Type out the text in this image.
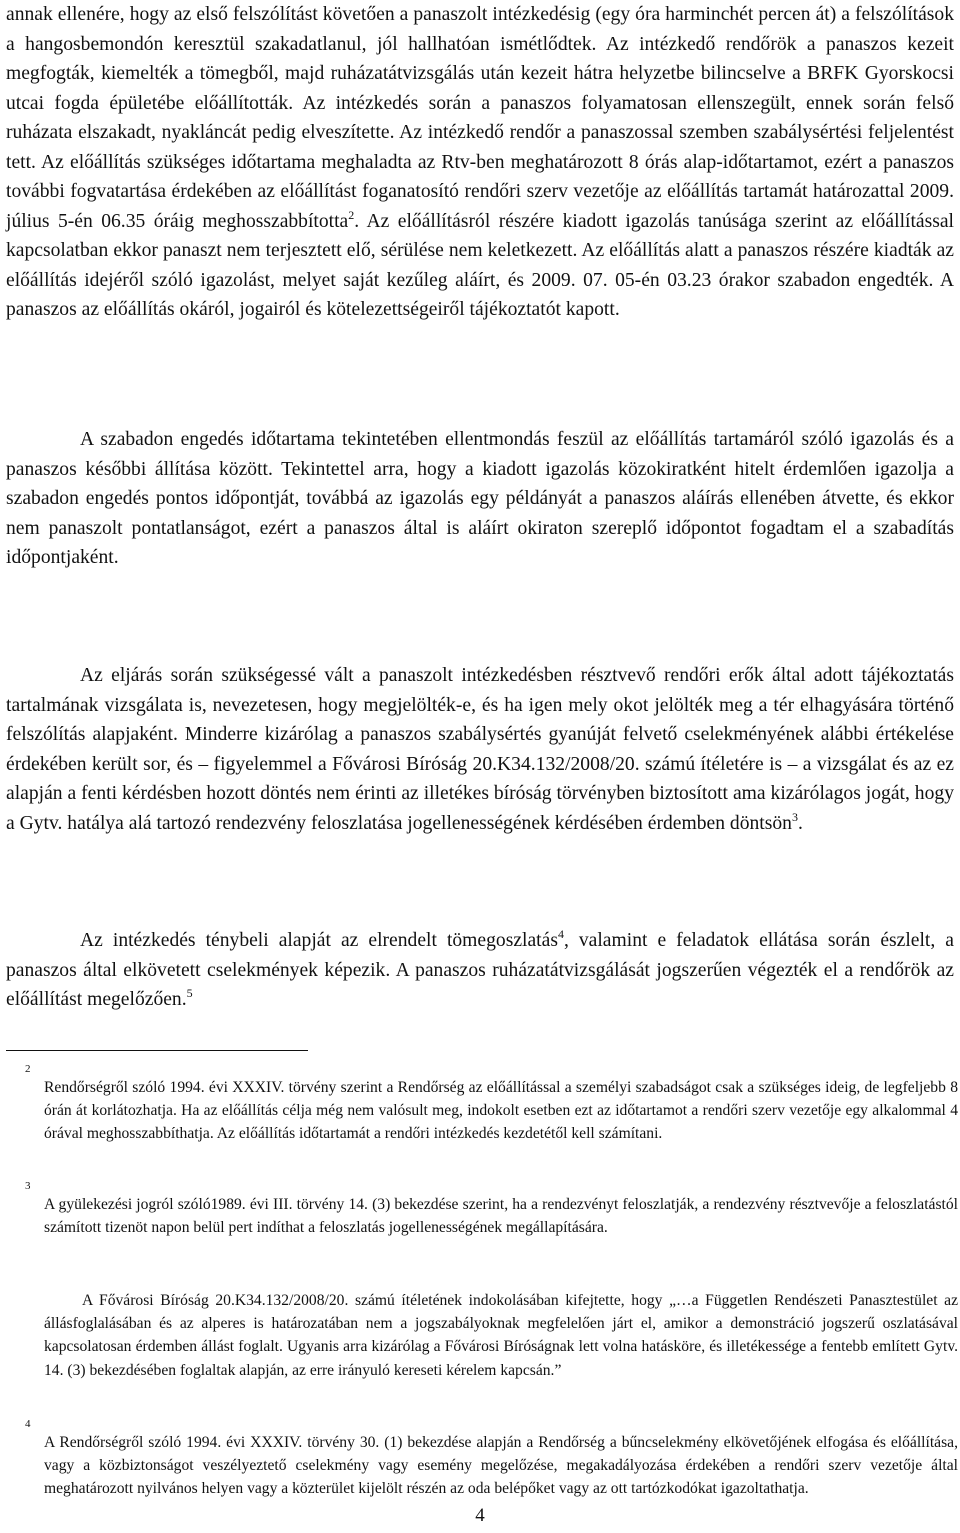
annak ellenére, hogy az első felszólítást követően a panaszolt intézkedésig (egy óra harminchét percen át) a felszólítások a hangosbemondón keresztül szakadatlanul, jól hallhatóan ismétlődtek. Az intézkedő rendőrök a panaszos kezeit megfogták, kiemelték a tömegből, majd ruházatátvizsgálás után kezeit hátra helyzetbe bilincselve a BRFK Gyorskocsi utcai fogda épületébe előállították. Az intézkedés során a panaszos folyamatosan ellenszegült, ennek során felső ruházata elszakadt, nyakláncát pedig elveszítette. Az intézkedő rendőr a panaszossal szemben szabálysértési feljelentést tett. Az előállítás szükséges időtartama meghaladta az Rtv-ben meghatározott 8 órás alap-időtartamot, ezért a panaszos további fogvatartása érdekében az előállítást foganatosító rendőri szerv vezetője az előállítás tartamát határozattal 2009. július 5-én 06.35 óráig meghosszabbította$^2$. Az előállításról részére kiadott igazolás tanúsága szerint az előállítással kapcsolatban ekkor panaszt nem terjesztett elő, sérülése nem keletkezett. Az előállítás alatt a panaszos részére kiadták az előállítás idejéről szóló igazolást, melyet saját kezűleg aláírt, és 2009. 07. 05-én 03.23 órakor szabadon engedték. A panaszos az előállítás okáról, jogairól és kötelezettségeiről tájékoztatót kapott.

A szabadon engedés időtartama tekintetében ellentmondás feszül az előállítás tartamáról szóló igazolás és a panaszos későbbi állítása között. Tekintettel arra, hogy a kiadott igazolás közokiratként hitelt érdemlően igazolja a szabadon engedés pontos időpontját, továbbá az igazolás egy példányát a panaszos aláírás ellenében átvette, és ekkor nem panaszolt pontatlanságot, ezért a panaszos által is aláírt okiraton szereplő időpontot fogadtam el a szabadítás időpontjaként.

Az eljárás során szükségessé vált a panaszolt intézkedésben résztvevő rendőri erők által adott tájékoztatás tartalmának vizsgálata is, nevezetesen, hogy megjelölték-e, és ha igen mely okot jelölték meg a tér elhagyására történő felszólítás alapjaként. Minderre kizárólag a panaszos szabálysértés gyanúját felvető cselekményének alábbi értékelése érdekében került sor, és – figyelemmel a Fővárosi Bíróság 20.K34.132/2008/20. számú ítéletére is – a vizsgálat és az ez alapján a fenti kérdésben hozott döntés nem érinti az illetékes bíróság törvényben biztosított ama kizárólagos jogát, hogy a Gytv. hatálya alá tartozó rendezvény feloszlatása jogellenességének kérdésében érdemben döntsön$^3$.

Az intézkedés ténybeli alapját az elrendelt tömegoszlatás$^4$, valamint e feladatok ellátása során észlelt, a panaszos által elkövetett cselekmények képezik. A panaszos ruházatátvizsgálását jogszerűen végezték el a rendőrök az előállítást megelőzően.$^5$

2
Rendőrségről szóló 1994. évi XXXIV. törvény szerint a Rendőrség az előállítással a személyi szabadságot csak a szükséges ideig, de legfeljebb 8 órán át korlátozhatja. Ha az előállítás célja még nem valósult meg, indokolt esetben ezt az időtartamot a rendőri szerv vezetője egy alkalommal 4 órával meghosszabbíthatja. Az előállítás időtartamát a rendőri intézkedés kezdetétől kell számítani.

3
A gyülekezési jogról szóló1989. évi III. törvény 14. (3) bekezdése szerint, ha a rendezvényt feloszlatják, a rendezvény résztvevője a feloszlatástól számított tizenöt napon belül pert indíthat a feloszlatás jogellenességének megállapítására.

A Fővárosi Bíróság 20.K34.132/2008/20. számú ítéletének indokolásában kifejtette, hogy „…a Független Rendészeti Panasztestület az állásfoglalásában és az alperes is határozatában nem a jogszabályoknak megfelelően járt el, amikor a demonstráció jogszerű oszlatásával kapcsolatosan érdemben állást foglalt. Ugyanis arra kizárólag a Fővárosi Bíróságnak lett volna hatásköre, és illetékessége a fentebb említett Gytv. 14. (3) bekezdésében foglaltak alapján, az erre irányuló kereseti kérelem kapcsán.”

4
A Rendőrségről szóló 1994. évi XXXIV. törvény 30. (1) bekezdése alapján a Rendőrség a bűncselekmény elkövetőjének elfogása és előállítása, vagy a közbiztonságot veszélyeztető cselekmény vagy esemény megelőzése, megakadályozása érdekében a rendőri szerv vezetője által meghatározott nyilvános helyen vagy a közterület kijelölt részén az oda belépőket vagy az ott tartózkodókat igazoltathatja.

4
